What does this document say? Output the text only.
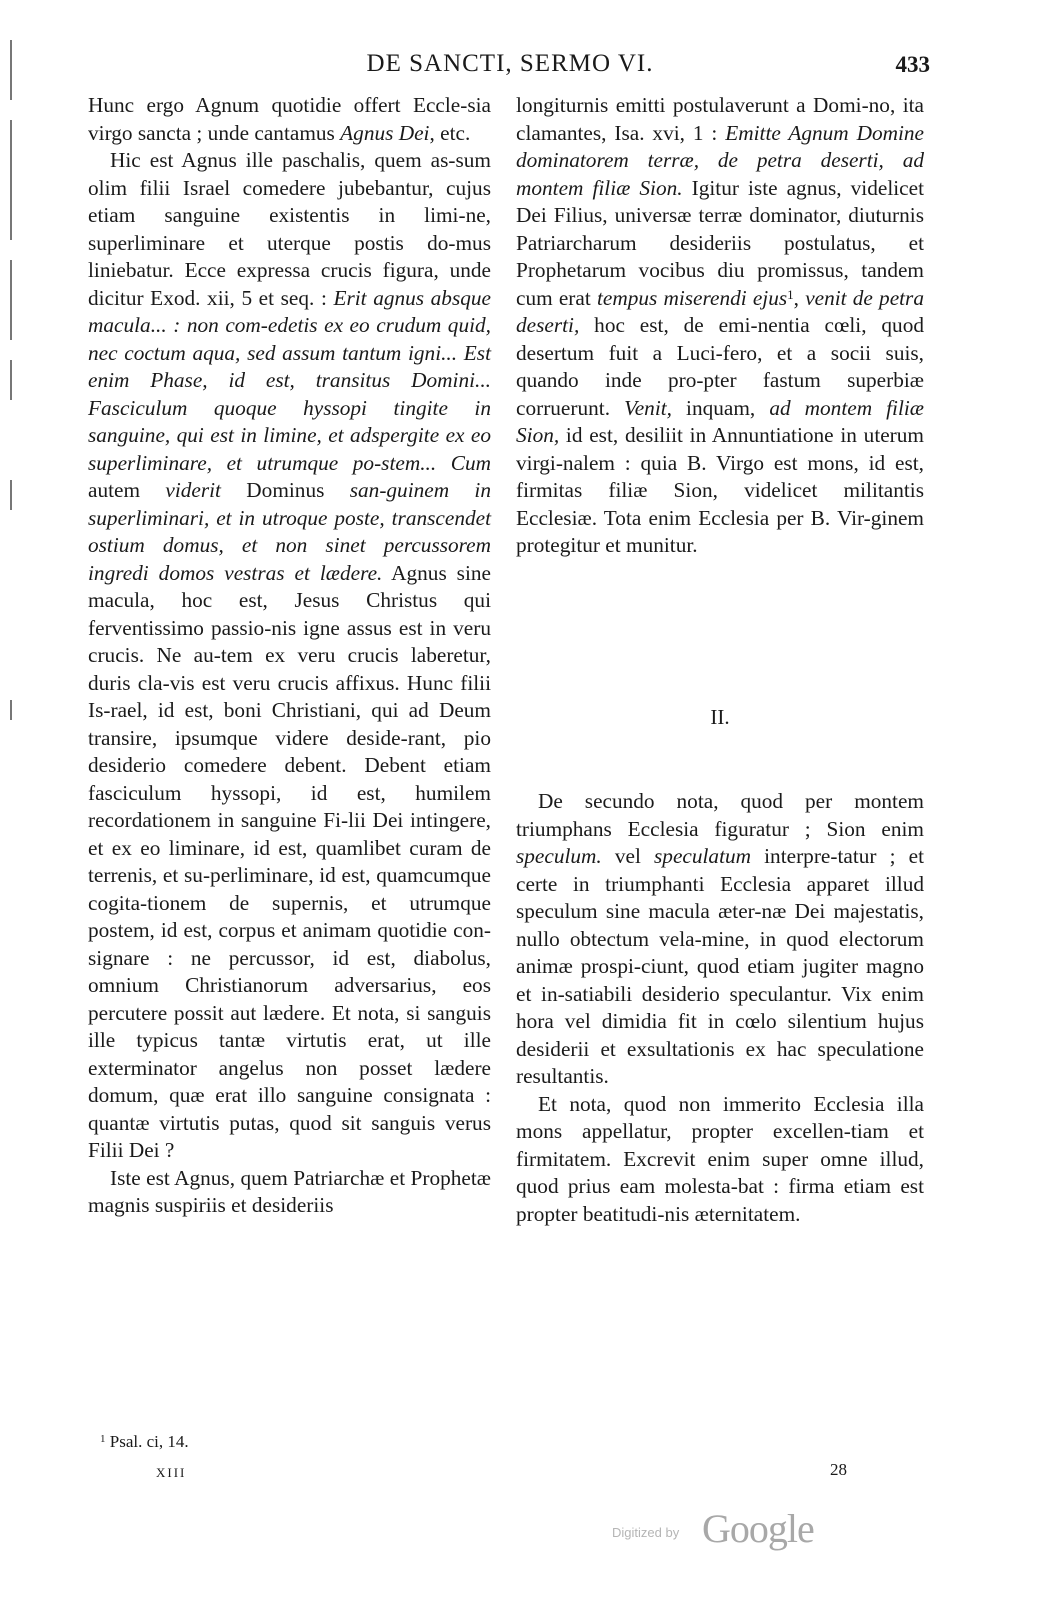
DE SANCTI, SERMO VI.	433

Hunc ergo Agnum quotidie offert Eccle-sia virgo sancta ; unde cantamus Agnus Dei, etc.

Hic est Agnus ille paschalis, quem as-sum olim filii Israel comedere jubebantur, cujus etiam sanguine existentis in limi-ne, superliminare et uterque postis do-mus liniebatur. Ecce expressa crucis figura, unde dicitur Exod. xii, 5 et seq. : Erit agnus absque macula... : non com-edetis ex eo crudum quid, nec coctum aqua, sed assum tantum igni... Est enim Phase, id est, transitus Domini... Fasciculum quoque hyssopi tingite in sanguine, qui est in limine, et adspergite ex eo superliminare, et utrumque po-stem... Cum autem viderit Dominus san-guinem in superliminari, et in utroque poste, transcendet ostium domus, et non sinet percussorem ingredi domos vestras et lædere. Agnus sine macula, hoc est, Jesus Christus qui ferventissimo passio-nis igne assus est in veru crucis. Ne au-tem ex veru crucis laberetur, duris cla-vis est veru crucis affixus. Hunc filii Is-rael, id est, boni Christiani, qui ad Deum transire, ipsumque videre deside-rant, pio desiderio comedere debent. Debent etiam fasciculum hyssopi, id est, humilem recordationem in sanguine Fi-lii Dei intingere, et ex eo liminare, id est, quamlibet curam de terrenis, et su-perliminare, id est, quamcumque cogita-tionem de supernis, et utrumque postem, id est, corpus et animam quotidie con-signare : ne percussor, id est, diabolus, omnium Christianorum adversarius, eos percutere possit aut lædere. Et nota, si sanguis ille typicus tantæ virtutis erat, ut ille exterminator angelus non posset lædere domum, quæ erat illo sanguine consignata : quantæ virtutis putas, quod sit sanguis verus Filii Dei ?

Iste est Agnus, quem Patriarchæ et Prophetæ magnis suspiriis et desideriis

longiturnis emitti postulaverunt a Domi-no, ita clamantes, Isa. xvi, 1 : Emitte Agnum Domine dominatorem terræ, de petra deserti, ad montem filiæ Sion. Igitur iste agnus, videlicet Dei Filius, universæ terræ dominator, diuturnis Patriarcharum desideriis postulatus, et Prophetarum vocibus diu promissus, tandem cum erat tempus miserendi ejus$^1$, venit de petra deserti, hoc est, de emi-nentia cœli, quod desertum fuit a Luci-fero, et a socii suis, quando inde pro-pter fastum superbiæ corruerunt. Venit, inquam, ad montem filiæ Sion, id est, desiliit in Annuntiatione in uterum virgi-nalem : quia B. Virgo est mons, id est, firmitas filiæ Sion, videlicet militantis Ecclesiæ. Tota enim Ecclesia per B. Vir-ginem protegitur et munitur.

II.

De secundo nota, quod per montem triumphans Ecclesia figuratur ; Sion enim speculum. vel speculatum interpre-tatur ; et certe in triumphanti Ecclesia apparet illud speculum sine macula æter-næ Dei majestatis, nullo obtectum vela-mine, in quod electorum animæ prospi-ciunt, quod etiam jugiter magno et in-satiabili desiderio speculantur. Vix enim hora vel dimidia fit in cœlo silentium hujus desiderii et exsultationis ex hac speculatione resultantis.

Et nota, quod non immerito Ecclesia illa mons appellatur, propter excellen-tiam et firmitatem. Excrevit enim super omne illud, quod prius eam molesta-bat : firma etiam est propter beatitudi-nis æternitatem.

$^1$ Psal. ci, 14.
XIII	28
Digitized by Google
